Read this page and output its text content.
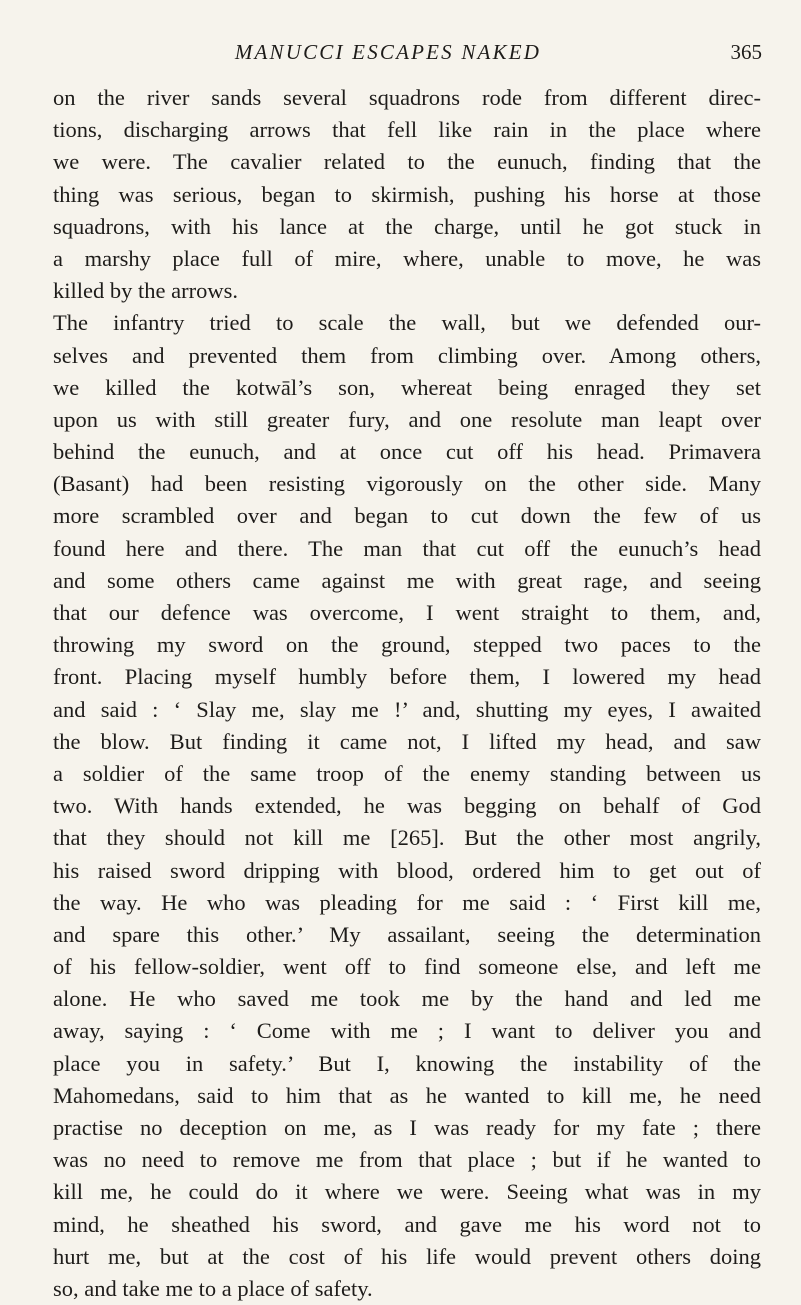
MANUCCI ESCAPES NAKED	365
on the river sands several squadrons rode from different direc-
tions, discharging arrows that fell like rain in the place where
we were. The cavalier related to the eunuch, finding that the
thing was serious, began to skirmish, pushing his horse at those
squadrons, with his lance at the charge, until he got stuck in
a marshy place full of mire, where, unable to move, he was
killed by the arrows.
The infantry tried to scale the wall, but we defended our-
selves and prevented them from climbing over. Among others,
we killed the kotwāl’s son, whereat being enraged they set
upon us with still greater fury, and one resolute man leapt over
behind the eunuch, and at once cut off his head. Primavera
(Basant) had been resisting vigorously on the other side. Many
more scrambled over and began to cut down the few of us
found here and there. The man that cut off the eunuch’s head
and some others came against me with great rage, and seeing
that our defence was overcome, I went straight to them, and,
throwing my sword on the ground, stepped two paces to the
front. Placing myself humbly before them, I lowered my head
and said : ‘ Slay me, slay me !’ and, shutting my eyes, I awaited
the blow. But finding it came not, I lifted my head, and saw
a soldier of the same troop of the enemy standing between us
two. With hands extended, he was begging on behalf of God
that they should not kill me [265]. But the other most angrily,
his raised sword dripping with blood, ordered him to get out of
the way. He who was pleading for me said : ‘ First kill me,
and spare this other.’ My assailant, seeing the determination
of his fellow-soldier, went off to find someone else, and left me
alone. He who saved me took me by the hand and led me
away, saying : ‘ Come with me ; I want to deliver you and
place you in safety.’ But I, knowing the instability of the
Mahomedans, said to him that as he wanted to kill me, he need
practise no deception on me, as I was ready for my fate ; there
was no need to remove me from that place ; but if he wanted to
kill me, he could do it where we were. Seeing what was in my
mind, he sheathed his sword, and gave me his word not to
hurt me, but at the cost of his life would prevent others doing
so, and take me to a place of safety.
